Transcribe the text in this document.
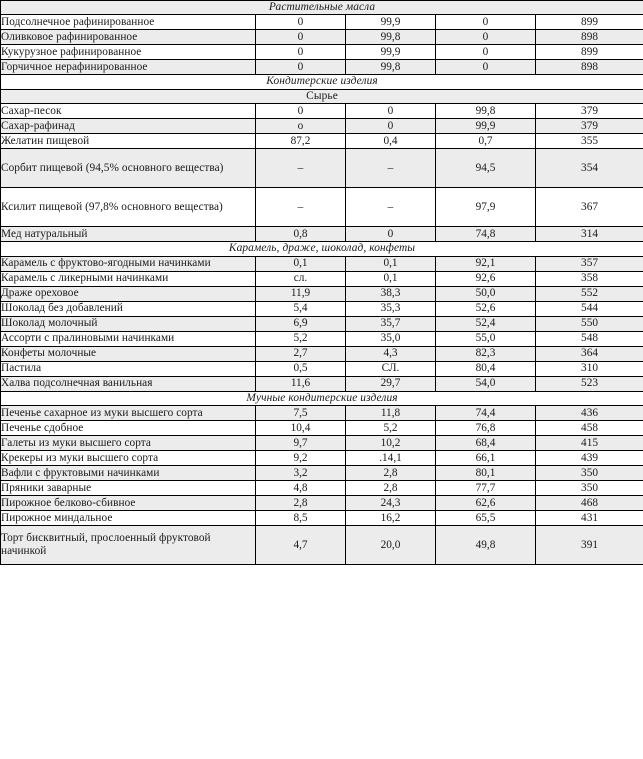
Растительные масла				
Подсолнечное рафинированное	0	99,9	0	899
Оливковое рафинированное	0	99,8	0	898
Кукурузное рафинированное	0	99,9	0	899
Горчичное нерафинированное	0	99,8	0	898
Кондитерские изделия				
Сырье				
Сахар-песок	0	0	99,8	379
Сахар-рафинад	о	0	99,9	379
Желатин пищевой	87,2	0,4	0,7	355
Сорбит пищевой (94,5% основного вещества)	–	–	94,5	354
Ксилит пищевой (97,8% основного вещества)	–	–	97,9	367
Мед натуральный	0,8	0	74,8	314
Карамель, драже, шоколад, конфеты				
Карамель с фруктово-ягодными начинками	0,1	0,1	92,1	357
Карамель с ликерными начинками	сл.	0,1	92,6	358
Драже ореховое	11,9	38,3	50,0	552
Шоколад без добавлений	5,4	35,3	52,6	544
Шоколад молочный	6,9	35,7	52,4	550
Ассорти с пралиновыми начинками	5,2	35,0	55,0	548
Конфеты молочные	2,7	4,3	82,3	364
Пастила	0,5	СЛ.	80,4	310
Халва подсолнечная ванильная	11,6	29,7	54,0	523
Мучные кондитерские изделия				
Печенье сахарное из муки высшего сорта	7,5	11,8	74,4	436
Печенье сдобное	10,4	5,2	76,8	458
Галеты из муки высшего сорта	9,7	10,2	68,4	415
Крекеры из муки высшего сорта	9,2	.14,1	66,1	439
Вафли с фруктовыми начинками	3,2	2,8	80,1	350
Пряники заварные	4,8	2,8	77,7	350
Пирожное белково-сбивное	2,8	24,3	62,6	468
Пирожное миндальное	8,5	16,2	65,5	431
Торт бисквитный, прослоенный фруктовой начинкой	4,7	20,0	49,8	391
